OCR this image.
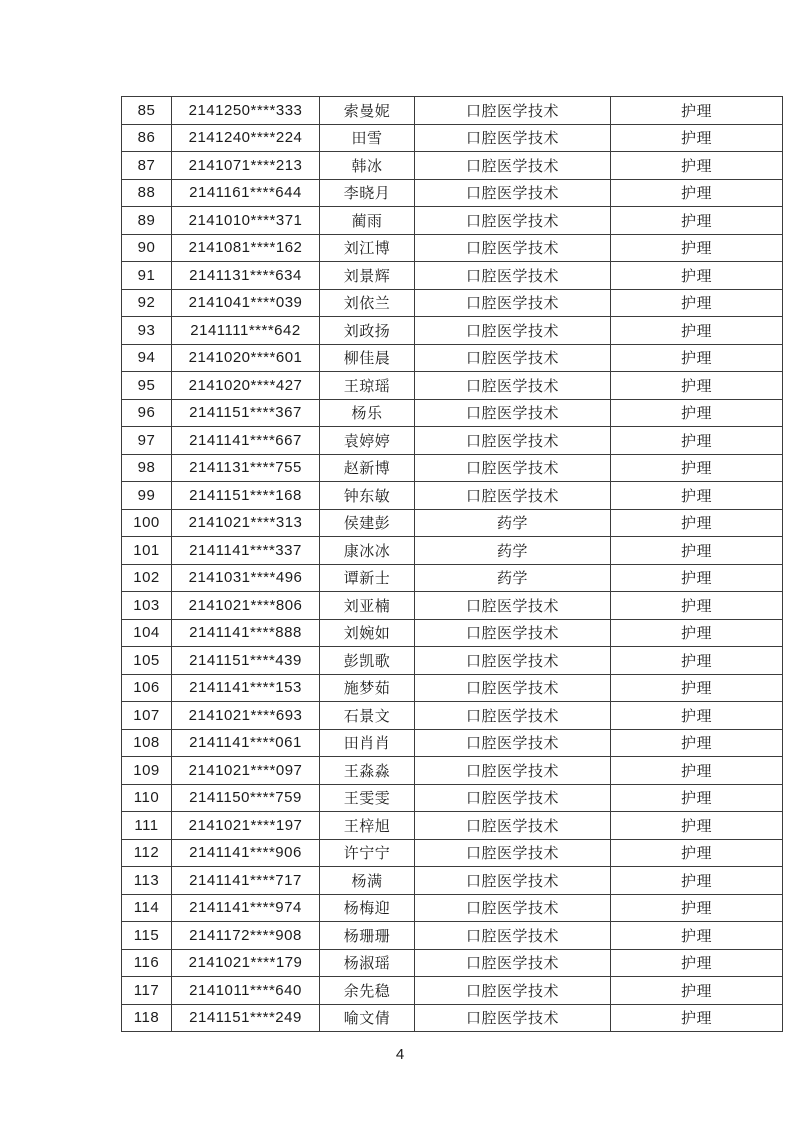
85	2141250****333	索曼妮	口腔医学技术	护理
86	2141240****224	田雪	口腔医学技术	护理
87	2141071****213	韩冰	口腔医学技术	护理
88	2141161****644	李晓月	口腔医学技术	护理
89	2141010****371	蔺雨	口腔医学技术	护理
90	2141081****162	刘江博	口腔医学技术	护理
91	2141131****634	刘景辉	口腔医学技术	护理
92	2141041****039	刘依兰	口腔医学技术	护理
93	2141111****642	刘政扬	口腔医学技术	护理
94	2141020****601	柳佳晨	口腔医学技术	护理
95	2141020****427	王琼瑶	口腔医学技术	护理
96	2141151****367	杨乐	口腔医学技术	护理
97	2141141****667	袁婷婷	口腔医学技术	护理
98	2141131****755	赵新博	口腔医学技术	护理
99	2141151****168	钟东敏	口腔医学技术	护理
100	2141021****313	侯建彭	药学	护理
101	2141141****337	康冰冰	药学	护理
102	2141031****496	谭新士	药学	护理
103	2141021****806	刘亚楠	口腔医学技术	护理
104	2141141****888	刘婉如	口腔医学技术	护理
105	2141151****439	彭凯歌	口腔医学技术	护理
106	2141141****153	施梦茹	口腔医学技术	护理
107	2141021****693	石景文	口腔医学技术	护理
108	2141141****061	田肖肖	口腔医学技术	护理
109	2141021****097	王淼淼	口腔医学技术	护理
110	2141150****759	王雯雯	口腔医学技术	护理
111	2141021****197	王梓旭	口腔医学技术	护理
112	2141141****906	许宁宁	口腔医学技术	护理
113	2141141****717	杨满	口腔医学技术	护理
114	2141141****974	杨梅迎	口腔医学技术	护理
115	2141172****908	杨珊珊	口腔医学技术	护理
116	2141021****179	杨淑瑶	口腔医学技术	护理
117	2141011****640	余先稳	口腔医学技术	护理
118	2141151****249	喻文倩	口腔医学技术	护理
4
